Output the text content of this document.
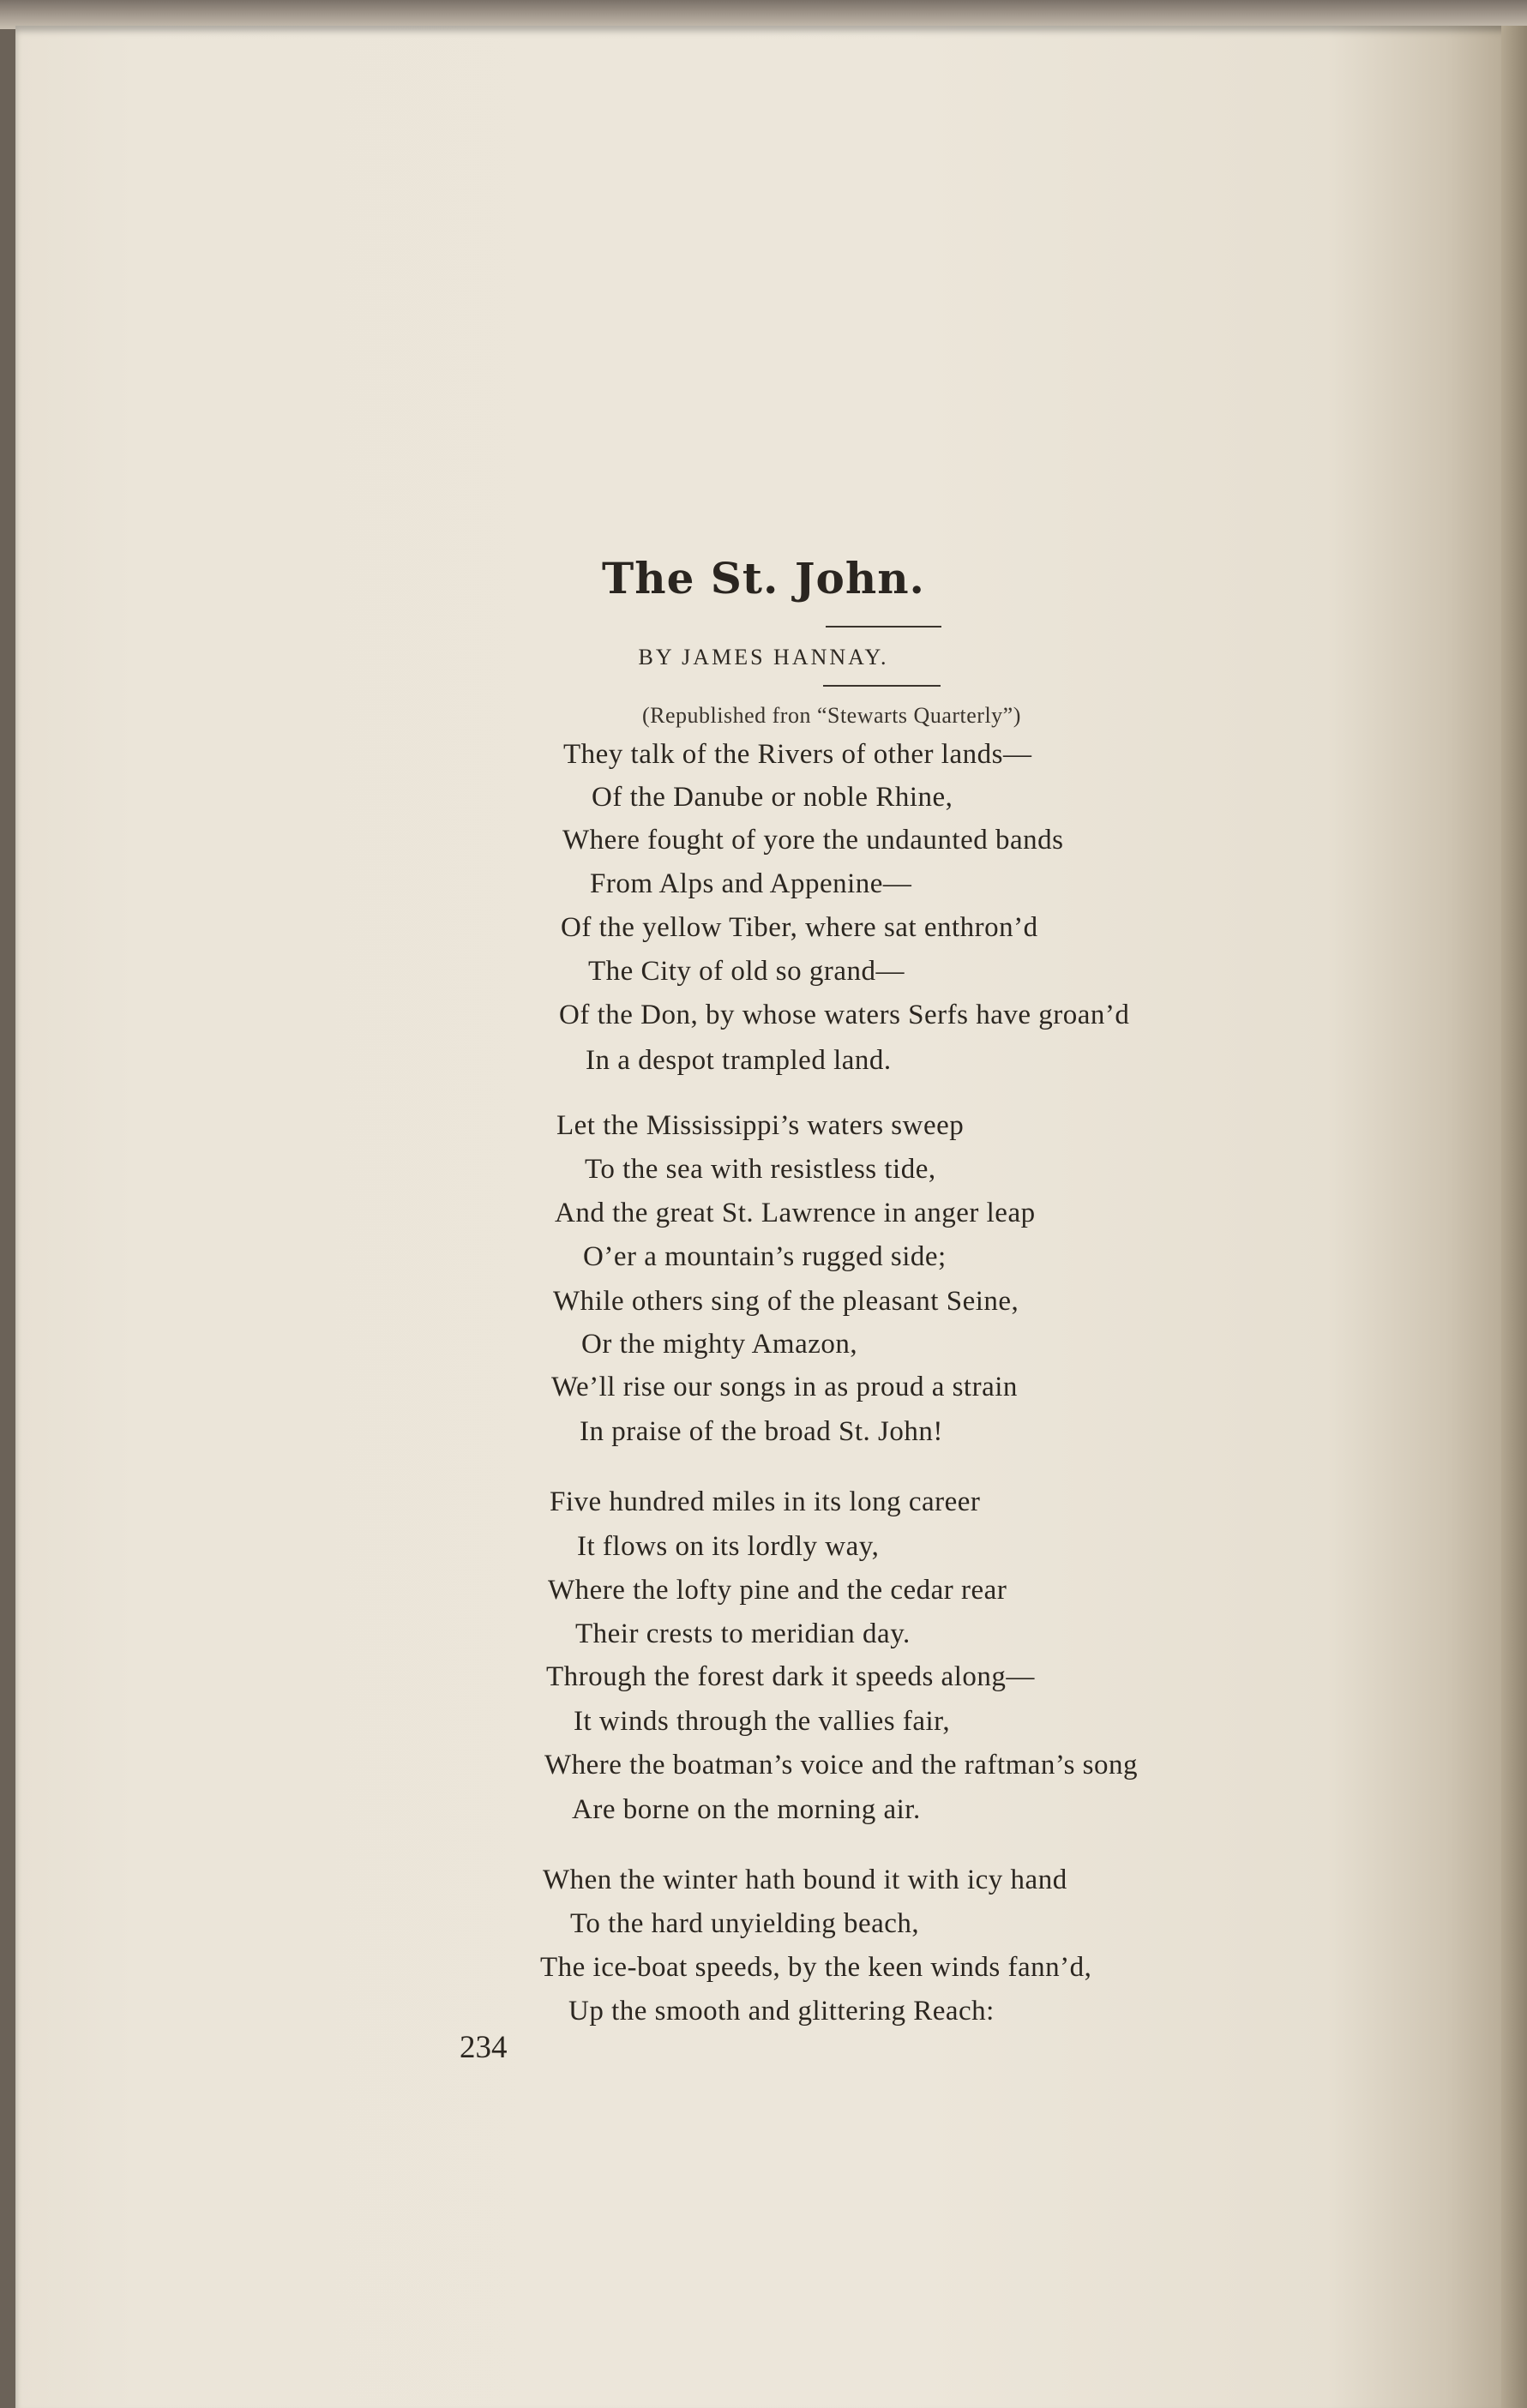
The St. John.
BY JAMES HANNAY.
(Republished fron “Stewarts Quarterly”)
They talk of the Rivers of other lands—
Of the Danube or noble Rhine,
Where fought of yore the undaunted bands
From Alps and Appenine—
Of the yellow Tiber, where sat enthron’d
The City of old so grand—
Of the Don, by whose waters Serfs have groan’d
In a despot trampled land.
Let the Mississippi’s waters sweep
To the sea with resistless tide,
And the great St. Lawrence in anger leap
O’er a mountain’s rugged side;
While others sing of the pleasant Seine,
Or the mighty Amazon,
We’ll rise our songs in as proud a strain
In praise of the broad St. John!
Five hundred miles in its long career
It flows on its lordly way,
Where the lofty pine and the cedar rear
Their crests to meridian day.
Through the forest dark it speeds along—
It winds through the vallies fair,
Where the boatman’s voice and the raftman’s song
Are borne on the morning air.
When the winter hath bound it with icy hand
To the hard unyielding beach,
The ice-boat speeds, by the keen winds fann’d,
Up the smooth and glittering Reach:
234
